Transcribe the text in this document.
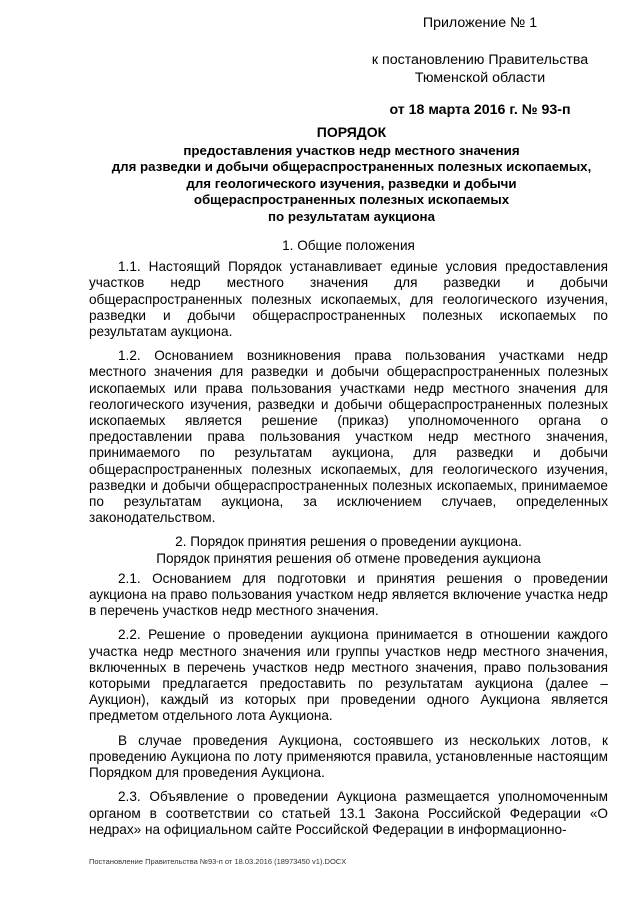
Приложение № 1
к постановлению Правительства
Тюменской области
от 18 марта 2016 г. № 93-п
ПОРЯДОК
предоставления участков недр местного значения
для разведки и добычи общераспространенных полезных ископаемых,
для геологического изучения, разведки и добычи
общераспространенных полезных ископаемых
по результатам аукциона
1. Общие положения

1.1. Настоящий Порядок устанавливает единые условия предоставления участков недр местного значения для разведки и добычи общераспространенных полезных ископаемых, для геологического изучения, разведки и добычи общераспространенных полезных ископаемых по результатам аукциона.

1.2. Основанием возникновения права пользования участками недр местного значения для разведки и добычи общераспространенных полезных ископаемых или права пользования участками недр местного значения для геологического изучения, разведки и добычи общераспространенных полезных ископаемых является решение (приказ) уполномоченного органа о предоставлении права пользования участком недр местного значения, принимаемого по результатам аукциона, для разведки и добычи общераспространенных полезных ископаемых, для геологического изучения, разведки и добычи общераспространенных полезных ископаемых, принимаемое по результатам аукциона, за исключением случаев, определенных законодательством.

2. Порядок принятия решения о проведении аукциона.
Порядок принятия решения об отмене проведения аукциона

2.1. Основанием для подготовки и принятия решения о проведении аукциона на право пользования участком недр является включение участка недр в перечень участков недр местного значения.

2.2. Решение о проведении аукциона принимается в отношении каждого участка недр местного значения или группы участков недр местного значения, включенных в перечень участков недр местного значения, право пользования которыми предлагается предоставить по результатам аукциона (далее – Аукцион), каждый из которых при проведении одного Аукциона является предметом отдельного лота Аукциона.

В случае проведения Аукциона, состоявшего из нескольких лотов, к проведению Аукциона по лоту применяются правила, установленные настоящим Порядком для проведения Аукциона.

2.3. Объявление о проведении Аукциона размещается уполномоченным органом в соответствии со статьей 13.1 Закона Российской Федерации «О недрах» на официальном сайте Российской Федерации в информационно-

Постановление Правительства №93-п от 18.03.2016 (18973450 v1).DOCX
